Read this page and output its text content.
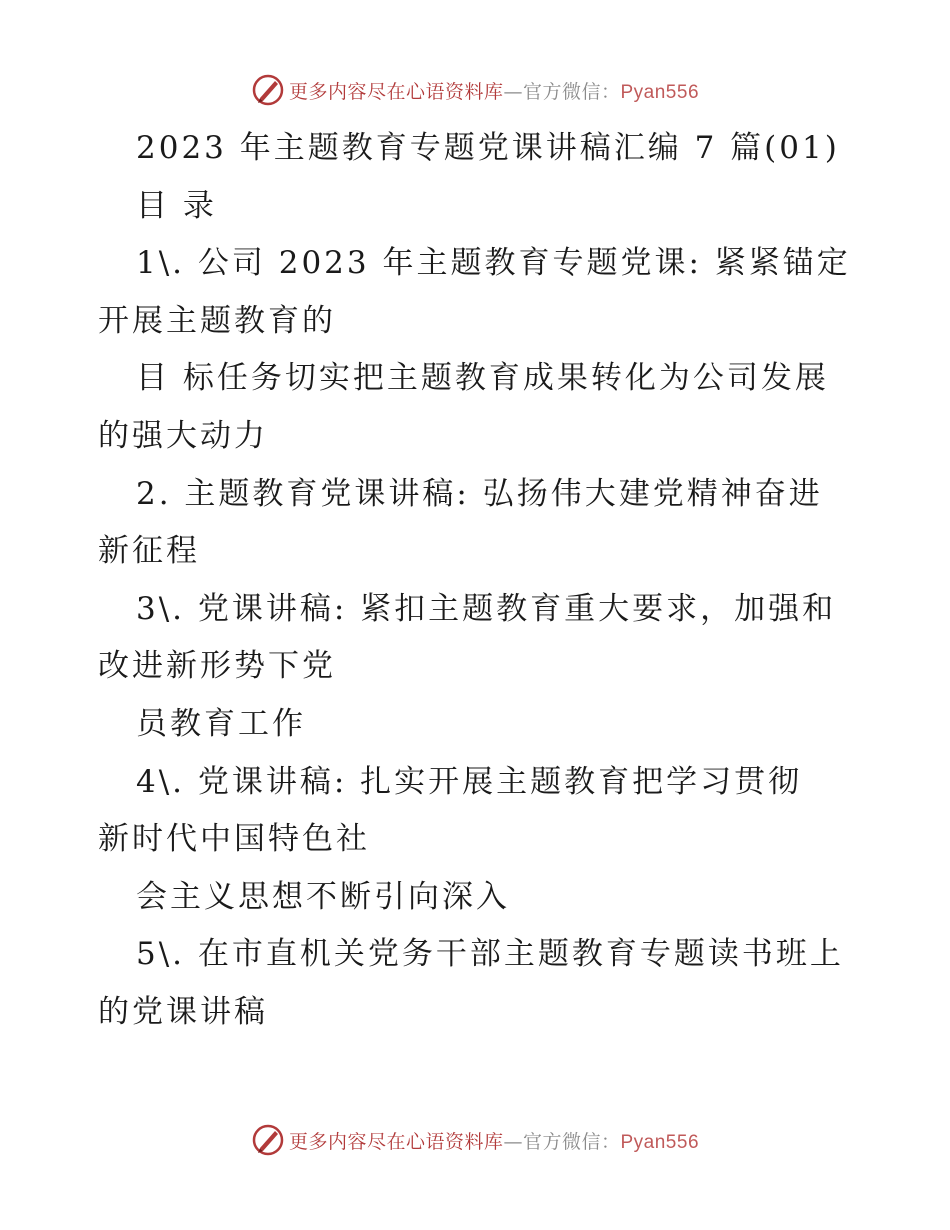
更多内容尽在心语资料库—官方微信：Pyan556
2023 年主题教育专题党课讲稿汇编 7 篇(01)
目 录
1\. 公司 2023 年主题教育专题党课: 紧紧锚定
开展主题教育的
目 标任务切实把主题教育成果转化为公司发展
的强大动力
2. 主题教育党课讲稿: 弘扬伟大建党精神奋进
新征程
3\. 党课讲稿: 紧扣主题教育重大要求，加强和
改进新形势下党
员教育工作
4\. 党课讲稿: 扎实开展主题教育把学习贯彻
新时代中国特色社
会主义思想不断引向深入
5\. 在市直机关党务干部主题教育专题读书班上
的党课讲稿
更多内容尽在心语资料库—官方微信：Pyan556
